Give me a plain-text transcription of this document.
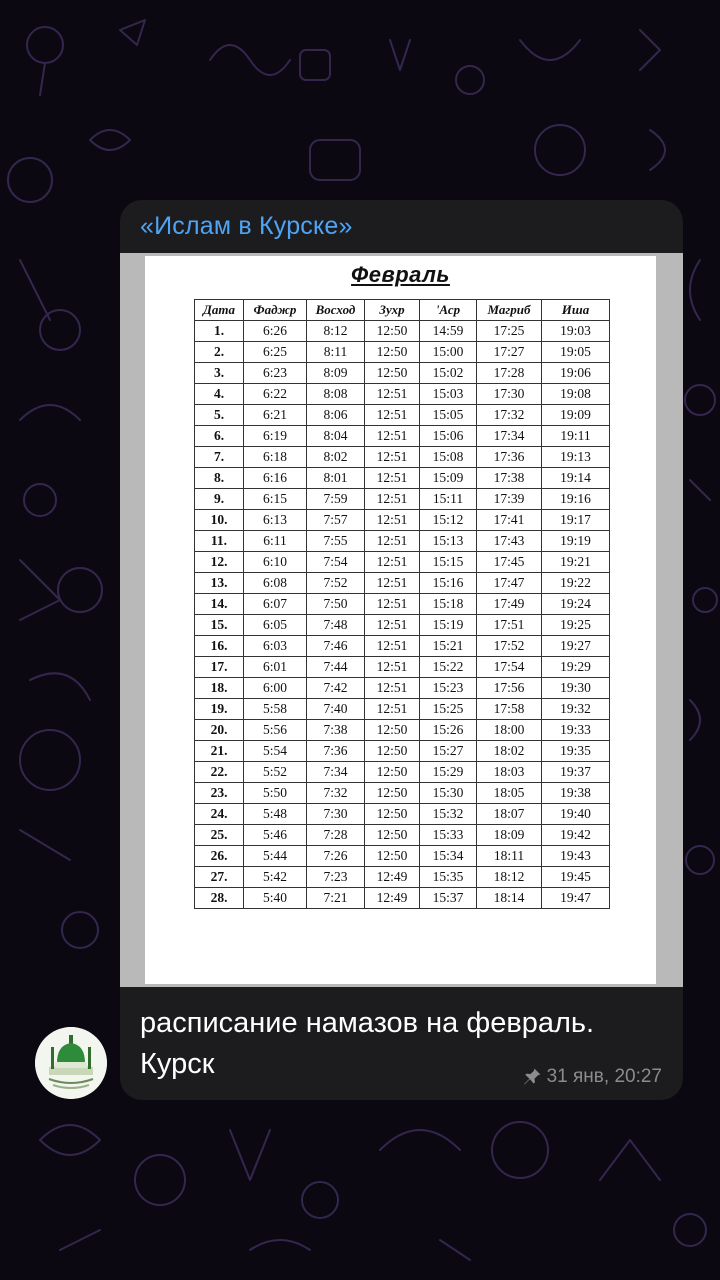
«Ислам в Курске»
Февраль
Дата	Фаджр	Восход	Зухр	'Аср	Магриб	Иша
1.	6:26	8:12	12:50	14:59	17:25	19:03
2.	6:25	8:11	12:50	15:00	17:27	19:05
3.	6:23	8:09	12:50	15:02	17:28	19:06
4.	6:22	8:08	12:51	15:03	17:30	19:08
5.	6:21	8:06	12:51	15:05	17:32	19:09
6.	6:19	8:04	12:51	15:06	17:34	19:11
7.	6:18	8:02	12:51	15:08	17:36	19:13
8.	6:16	8:01	12:51	15:09	17:38	19:14
9.	6:15	7:59	12:51	15:11	17:39	19:16
10.	6:13	7:57	12:51	15:12	17:41	19:17
11.	6:11	7:55	12:51	15:13	17:43	19:19
12.	6:10	7:54	12:51	15:15	17:45	19:21
13.	6:08	7:52	12:51	15:16	17:47	19:22
14.	6:07	7:50	12:51	15:18	17:49	19:24
15.	6:05	7:48	12:51	15:19	17:51	19:25
16.	6:03	7:46	12:51	15:21	17:52	19:27
17.	6:01	7:44	12:51	15:22	17:54	19:29
18.	6:00	7:42	12:51	15:23	17:56	19:30
19.	5:58	7:40	12:51	15:25	17:58	19:32
20.	5:56	7:38	12:50	15:26	18:00	19:33
21.	5:54	7:36	12:50	15:27	18:02	19:35
22.	5:52	7:34	12:50	15:29	18:03	19:37
23.	5:50	7:32	12:50	15:30	18:05	19:38
24.	5:48	7:30	12:50	15:32	18:07	19:40
25.	5:46	7:28	12:50	15:33	18:09	19:42
26.	5:44	7:26	12:50	15:34	18:11	19:43
27.	5:42	7:23	12:49	15:35	18:12	19:45
28.	5:40	7:21	12:49	15:37	18:14	19:47
расписание намазов на февраль.
Курск	31 янв, 20:27
